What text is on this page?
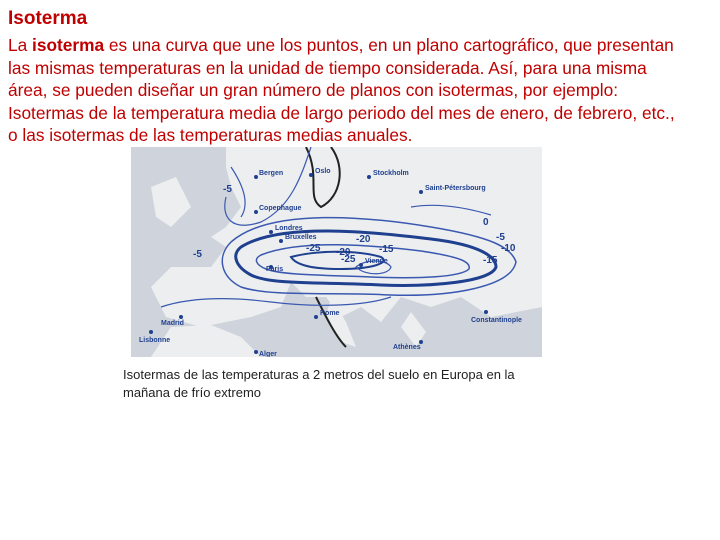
Isoterma
La isoterma es una curva que une los puntos, en un plano cartográfico, que presentan
las mismas temperaturas en la unidad de tiempo considerada. Así, para una misma
área, se pueden diseñar un gran número de planos con isotermas, por ejemplo:
Isotermas de la temperatura media de largo periodo del mes de enero, de febrero, etc.,
o las isotermas de las temperaturas medias anuales.
Bergen	Oslo	Stockholm
Saint-Pétersbourg
Copenhague
Londres
Bruxelles
Paris
Vienne
Lisbonne
Madrid
Rome
Athènes
Constantinople
Alger
-5
-5
0
-5
-10
-15
-20
-25
-25
-15
-20
Isotermas de las temperaturas a 2 metros del suelo en Europa en la
mañana de frío extremo
